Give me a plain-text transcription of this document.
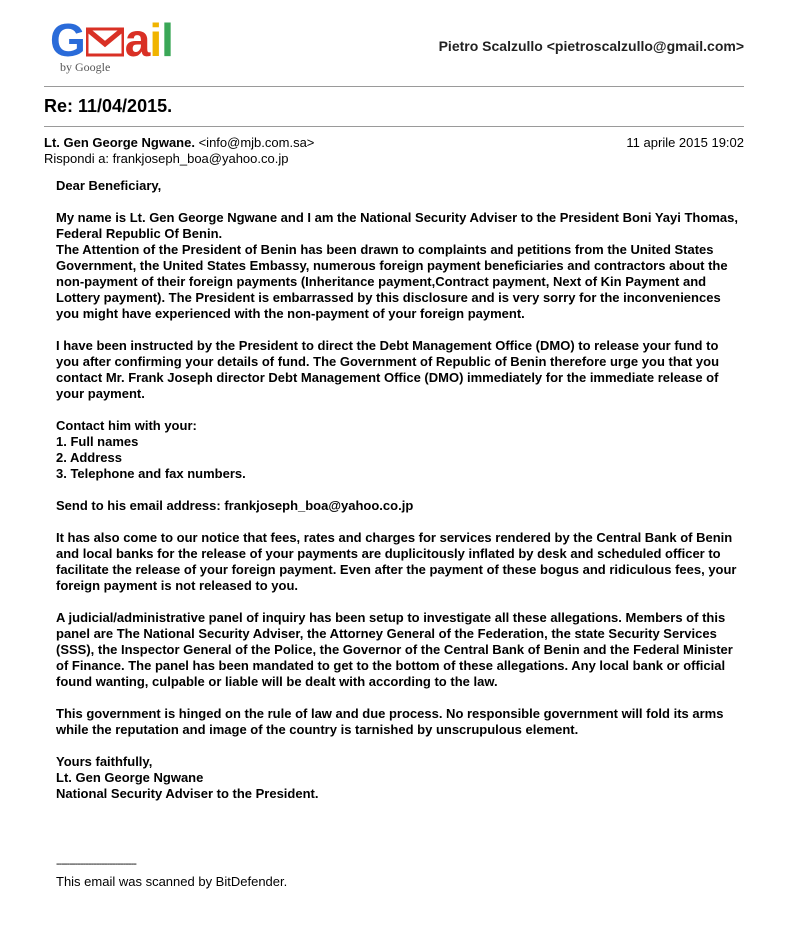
G ail
by Google
Pietro Scalzullo <pietroscalzullo@gmail.com>
Re: 11/04/2015.
Lt. Gen George Ngwane. <info@mjb.com.sa>	11 aprile 2015 19:02
Rispondi a: frankjoseph_boa@yahoo.co.jp

Dear Beneficiary,

My name is Lt. Gen George Ngwane and I am the National Security Adviser to the President Boni Yayi Thomas, Federal Republic Of Benin.
The Attention of the President of Benin has been drawn to complaints and petitions from the United States Government, the United States Embassy, numerous foreign payment beneficiaries and contractors about the non-payment of their foreign payments (Inheritance payment,Contract payment, Next of Kin Payment and Lottery payment). The President is embarrassed by this disclosure and is very sorry for the inconveniences you might have experienced with the non-payment of your foreign payment.

I have been instructed by the President to direct the Debt Management Office (DMO) to release your fund to you after confirming your details of fund. The Government of Republic of Benin therefore urge you that you contact Mr. Frank Joseph director Debt Management Office (DMO) immediately for the immediate release of your payment.

Contact him with your:
1. Full names
2. Address
3. Telephone and fax numbers.

Send to his email address: frankjoseph_boa@yahoo.co.jp

It has also come to our notice that fees, rates and charges for services rendered by the Central Bank of Benin and local banks for the release of your payments are duplicitously inflated by desk and scheduled officer to facilitate the release of your foreign payment. Even after the payment of these bogus and ridiculous fees, your foreign payment is not released to you.

A judicial/administrative panel of inquiry has been setup to investigate all these allegations. Members of this panel are The National Security Adviser, the Attorney General of the Federation, the state Security Services (SSS), the Inspector General of the Police, the Governor of the Central Bank of Benin and the Federal Minister of Finance. The panel has been mandated to get to the bottom of these allegations. Any local bank or official found wanting, culpable or liable will be dealt with according to the law.

This government is hinged on the rule of law and due process. No responsible government will fold its arms while the reputation and image of the country is tarnished by unscrupulous element.

Yours faithfully,
Lt. Gen George Ngwane
National Security Adviser to the President.

------------------------------
This email was scanned by BitDefender.
